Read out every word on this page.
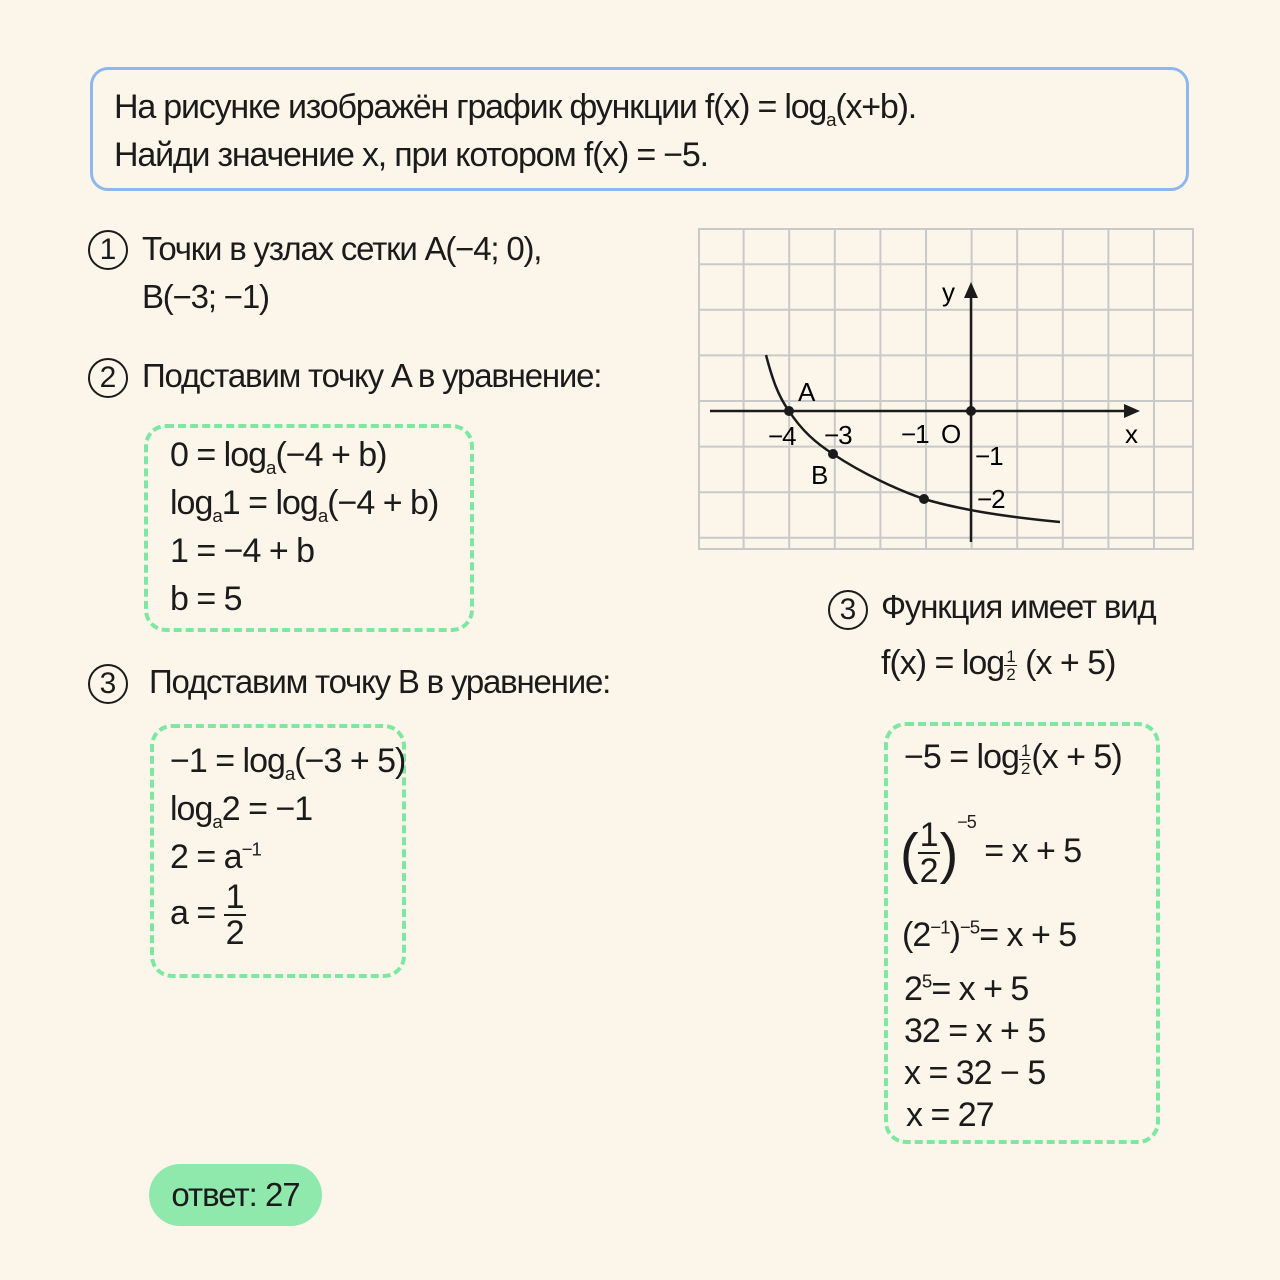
На рисунке изображён график функции $f(x) = \log_a(x+b)$.
Найди значение x, при котором f(x) = −5.
1 Точки в узлах сетки A(−4; 0),
B(−3; −1)
2 Подставим точку A в уравнение:
$0 = \log_a(-4 + b)$
$\log_a1 = \log_a(-4 + b)$
1 = −4 + b
b = 5
3 Подставим точку B в уравнение:
$-1 = \log_a(-3 + 5)$
$\log_a2 = -1$
$2 = a^{-1}$
$a = \frac{1}{2}$
y
x
O
A
B
−4 −3 −1
−1
−2
3 Функция имеет вид
$f(x) = \log \frac{1}{2} (x + 5)$
$-5 = \log \frac{1}{2} (x + 5)$
( $\frac{1}{2} )^{-5} = x + 5$
$(2^{-1})^{-5}= x + 5$
$2^5= x + 5$
32 = x + 5
x = 32 − 5
x = 27
ответ: 27
